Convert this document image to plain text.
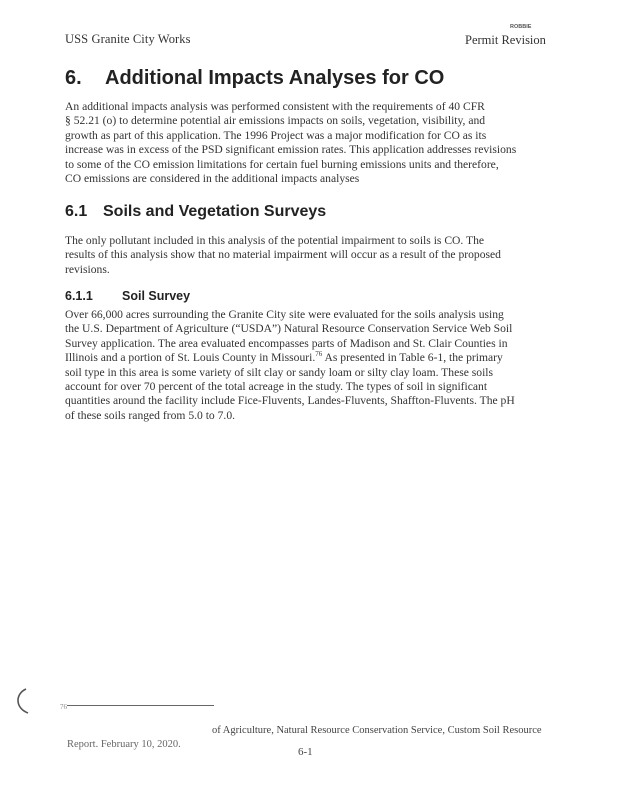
USS Granite City Works
ROBBIE
Permit Revision
6. Additional Impacts Analyses for CO
An additional impacts analysis was performed consistent with the requirements of 40 CFR
§ 52.21 (o) to determine potential air emissions impacts on soils, vegetation, visibility, and
growth as part of this application. The 1996 Project was a major modification for CO as its
increase was in excess of the PSD significant emission rates. This application addresses revisions
to some of the CO emission limitations for certain fuel burning emissions units and therefore,
CO emissions are considered in the additional impacts analyses
6.1 Soils and Vegetation Surveys
The only pollutant included in this analysis of the potential impairment to soils is CO. The
results of this analysis show that no material impairment will occur as a result of the proposed
revisions.
6.1.1 Soil Survey
Over 66,000 acres surrounding the Granite City site were evaluated for the soils analysis using
the U.S. Department of Agriculture (“USDA”) Natural Resource Conservation Service Web Soil
Survey application. The area evaluated encompasses parts of Madison and St. Clair Counties in
Illinois and a portion of St. Louis County in Missouri.$^{76}$ As presented in Table 6-1, the primary
soil type in this area is some variety of silt clay or sandy loam or silty clay loam. These soils
account for over 70 percent of the total acreage in the study. The types of soil in significant
quantities around the facility include Fice-Fluvents, Landes-Fluvents, Shaffton-Fluvents. The pH
of these soils ranged from 5.0 to 7.0.
76
of Agriculture, Natural Resource Conservation Service, Custom Soil Resource
Report. February 10, 2020.
6-1
